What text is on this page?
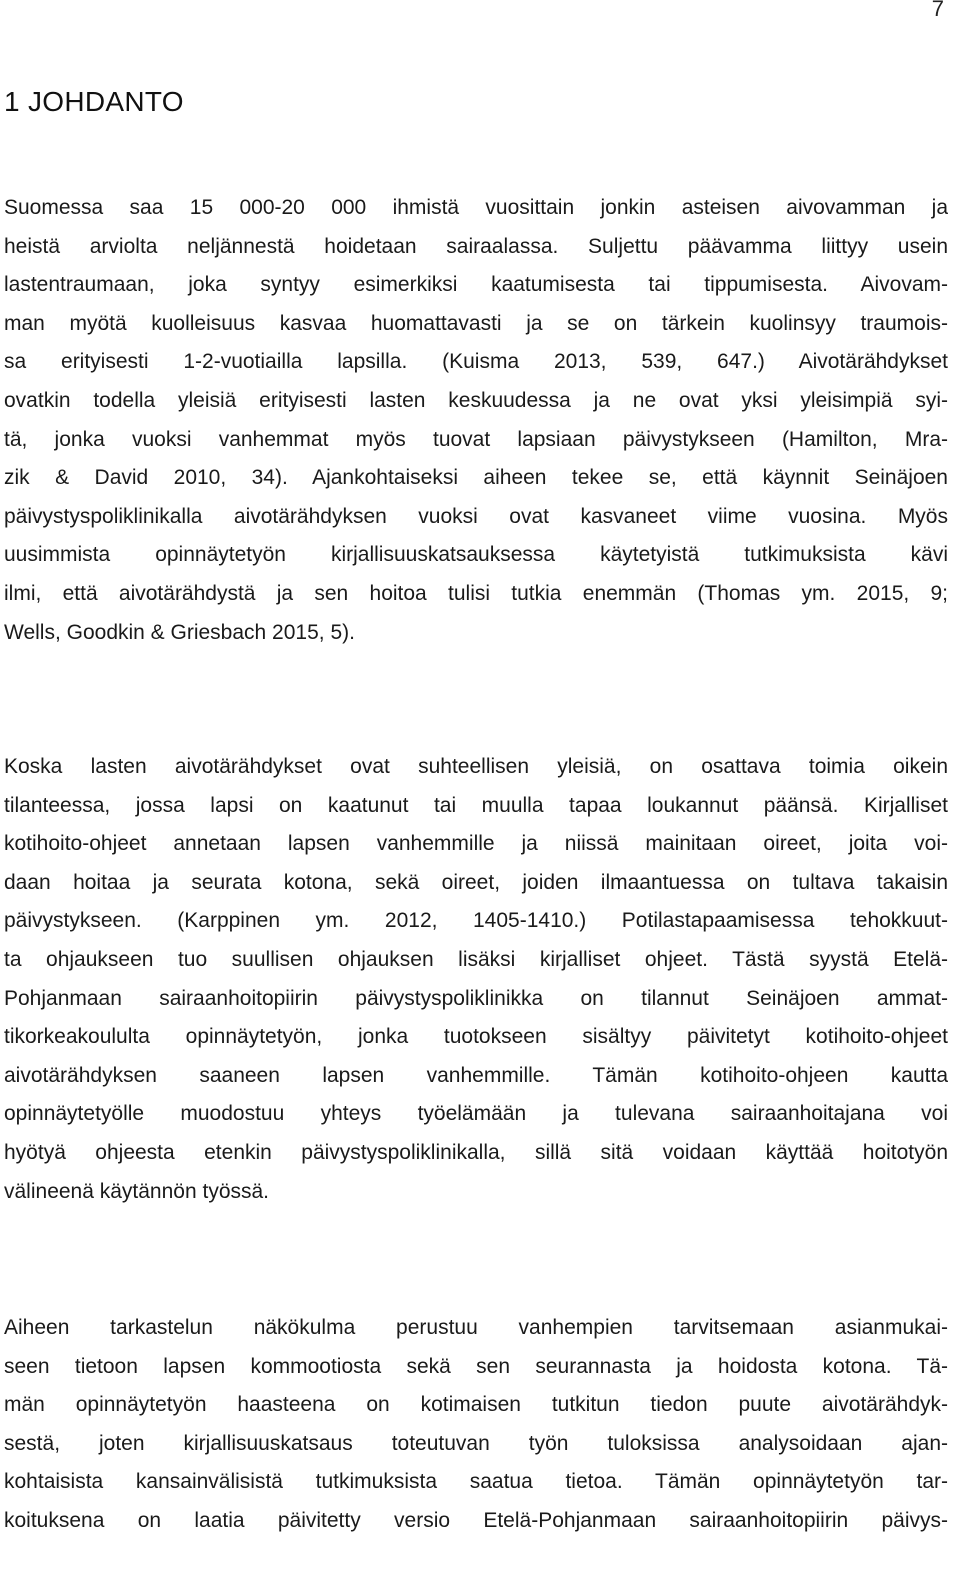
7
1 JOHDANTO

Suomessa saa 15 000-20 000 ihmistä vuosittain jonkin asteisen aivovamman ja
heistä arviolta neljännestä hoidetaan sairaalassa. Suljettu päävamma liittyy usein
lastentraumaan, joka syntyy esimerkiksi kaatumisesta tai tippumisesta. Aivovam-
man myötä kuolleisuus kasvaa huomattavasti ja se on tärkein kuolinsyy traumois-
sa erityisesti 1-2-vuotiailla lapsilla. (Kuisma 2013, 539, 647.) Aivotärähdykset
ovatkin todella yleisiä erityisesti lasten keskuudessa ja ne ovat yksi yleisimpiä syi-
tä, jonka vuoksi vanhemmat myös tuovat lapsiaan päivystykseen (Hamilton, Mra-
zik & David 2010, 34). Ajankohtaiseksi aiheen tekee se, että käynnit Seinäjoen
päivystyspoliklinikalla aivotärähdyksen vuoksi ovat kasvaneet viime vuosina. Myös
uusimmista opinnäytetyön kirjallisuuskatsauksessa käytetyistä tutkimuksista kävi
ilmi, että aivotärähdystä ja sen hoitoa tulisi tutkia enemmän (Thomas ym. 2015, 9;
Wells, Goodkin & Griesbach 2015, 5).

Koska lasten aivotärähdykset ovat suhteellisen yleisiä, on osattava toimia oikein
tilanteessa, jossa lapsi on kaatunut tai muulla tapaa loukannut päänsä. Kirjalliset
kotihoito-ohjeet annetaan lapsen vanhemmille ja niissä mainitaan oireet, joita voi-
daan hoitaa ja seurata kotona, sekä oireet, joiden ilmaantuessa on tultava takaisin
päivystykseen. (Karppinen ym. 2012, 1405-1410.) Potilastapaamisessa tehokkuut-
ta ohjaukseen tuo suullisen ohjauksen lisäksi kirjalliset ohjeet. Tästä syystä Etelä-
Pohjanmaan sairaanhoitopiirin päivystyspoliklinikka on tilannut Seinäjoen ammat-
tikorkeakoululta opinnäytetyön, jonka tuotokseen sisältyy päivitetyt kotihoito-ohjeet
aivotärähdyksen saaneen lapsen vanhemmille. Tämän kotihoito-ohjeen kautta
opinnäytetyölle muodostuu yhteys työelämään ja tulevana sairaanhoitajana voi
hyötyä ohjeesta etenkin päivystyspoliklinikalla, sillä sitä voidaan käyttää hoitotyön
välineenä käytännön työssä.

Aiheen tarkastelun näkökulma perustuu vanhempien tarvitsemaan asianmukai-
seen tietoon lapsen kommootiosta sekä sen seurannasta ja hoidosta kotona. Tä-
män opinnäytetyön haasteena on kotimaisen tutkitun tiedon puute aivotärähdyk-
sestä, joten kirjallisuuskatsaus toteutuvan työn tuloksissa analysoidaan ajan-
kohtaisista kansainvälisistä tutkimuksista saatua tietoa. Tämän opinnäytetyön tar-
koituksena on laatia päivitetty versio Etelä-Pohjanmaan sairaanhoitopiirin päivys-
